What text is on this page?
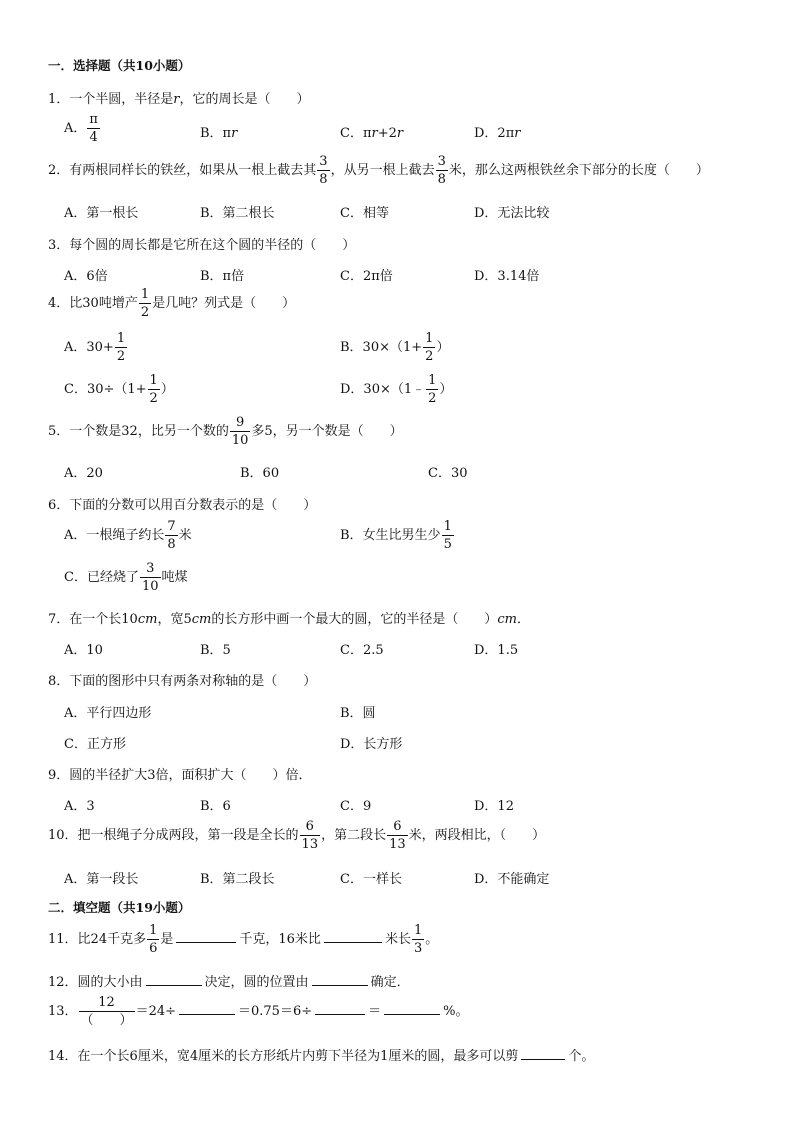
一．选择题（共10小题）
1．一个半圆，半径是r，它的周长是（　　）
A． $\frac{\pi}{4}$	B．πr	C．πr+2r	D．2πr
2．有两根同样长的铁丝，如果从一根上截去其 $\frac{3}{8}$ ，从另一根上截去 $\frac{3}{8}$ 米，那么这两根铁丝余下部分的长度（　　）
A．第一根长	B．第二根长	C．相等	D．无法比较
3．每个圆的周长都是它所在这个圆的半径的（　　）
A．6倍	B．π倍	C．2π倍	D．3.14倍
4．比30吨增产 $\frac{1}{2}$ 是几吨？列式是（　　）
A．$30+ \frac{1}{2}$	B．$30\times(1+ \frac{1}{2}$ ）
C．$30\div(1+ \frac{1}{2}$ ）	D．30×（1﹣ $\frac{1}{2}$ ）
5．一个数是32，比另一个数的 $\frac{9}{10}$ 多5，另一个数是（　　）
A．20	B．60	C．30
6．下面的分数可以用百分数表示的是（　　）
A．一根绳子约长 $\frac{7}{8}$ 米	B．女生比男生少 $\frac{1}{5}$
C．已经烧了 $\frac{3}{10}$ 吨煤
7．在一个长10cm，宽5cm的长方形中画一个最大的圆，它的半径是（　　）cm．
A．10	B．5	C．2.5	D．1.5
8．下面的图形中只有两条对称轴的是（　　）
A．平行四边形	B．圆
C．正方形	D．长方形
9．圆的半径扩大3倍，面积扩大（　　）倍．
A．3	B．6	C．9	D．12
10．把一根绳子分成两段，第一段是全长的 $\frac{6}{13}$ ，第二段长 $\frac{6}{13}$ 米，两段相比，（　　）
A．第一段长	B．第二段长	C．一样长	D．不能确定
二．填空题（共19小题）
11．比24千克多 $\frac{1}{6}$ 是	千克，16米比	米长 $\frac{1}{3}$ 。
12．圆的大小由	决定，圆的位置由	确定．
13． $\frac{12}{( )} =24\div$	＝0.75＝6÷	＝	%。
14．在一个长6厘米，宽4厘米的长方形纸片内剪下半径为1厘米的圆，最多可以剪	个。
